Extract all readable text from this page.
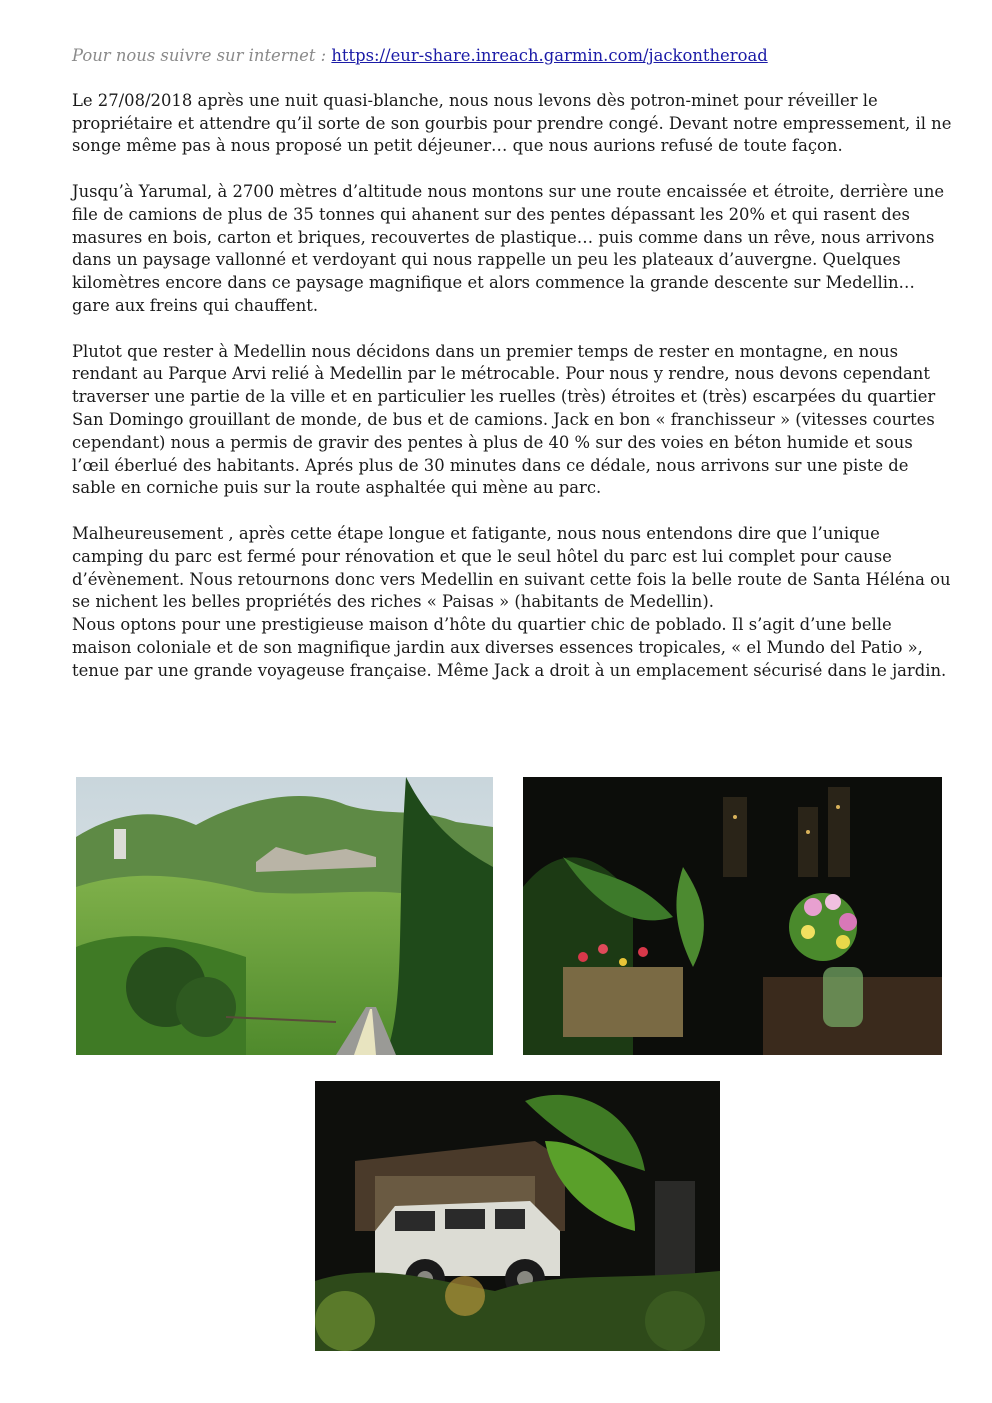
Pour nous suivre sur internet : https://eur-share.inreach.garmin.com/jackontheroad

Le 27/08/2018 après une nuit quasi-blanche, nous nous levons dès potron-minet pour réveiller le propriétaire et attendre qu’il sorte de son gourbis pour prendre congé. Devant notre empressement, il ne songe même pas à nous proposé un petit déjeuner… que nous aurions refusé de toute façon.

Jusqu’à Yarumal, à 2700 mètres d’altitude nous montons sur une route encaissée et étroite, derrière une file de camions de plus de 35 tonnes qui ahanent sur des pentes dépassant les 20% et qui rasent des masures en bois, carton et briques, recouvertes de plastique… puis comme dans un rêve, nous arrivons dans un paysage vallonné et verdoyant qui nous rappelle un peu les plateaux d’auvergne. Quelques kilomètres encore dans ce paysage magnifique et alors commence la grande descente sur Medellin… gare aux freins qui chauffent.

Plutot que rester à Medellin nous décidons dans un premier temps de rester en montagne, en nous rendant au Parque Arvi relié à Medellin par le métrocable. Pour nous y rendre, nous devons cependant traverser une partie de la ville et en particulier les ruelles (très) étroites et (très) escarpées du quartier San Domingo grouillant de monde, de bus et de camions. Jack en bon « franchisseur » (vitesses courtes cependant) nous a permis de gravir des pentes à plus de 40 % sur des voies en béton humide et sous l’œil éberlué des habitants. Aprés plus de 30 minutes dans ce dédale, nous arrivons sur une piste de sable en corniche puis sur la route asphaltée qui mène au parc.

Malheureusement , après cette étape longue et fatigante, nous nous entendons dire que l’unique camping du parc est fermé pour rénovation et que le seul hôtel du parc est lui complet pour cause d’évènement. Nous retournons donc vers Medellin en suivant cette fois la belle route de Santa Héléna ou se nichent les belles propriétés des riches « Paisas » (habitants de Medellin).

Nous optons pour une prestigieuse maison d’hôte du quartier chic de poblado. Il s’agit d’une belle maison coloniale et de son magnifique jardin aux diverses essences tropicales, « el Mundo del Patio », tenue par une grande voyageuse française. Même Jack a droit à un emplacement sécurisé dans le jardin.
